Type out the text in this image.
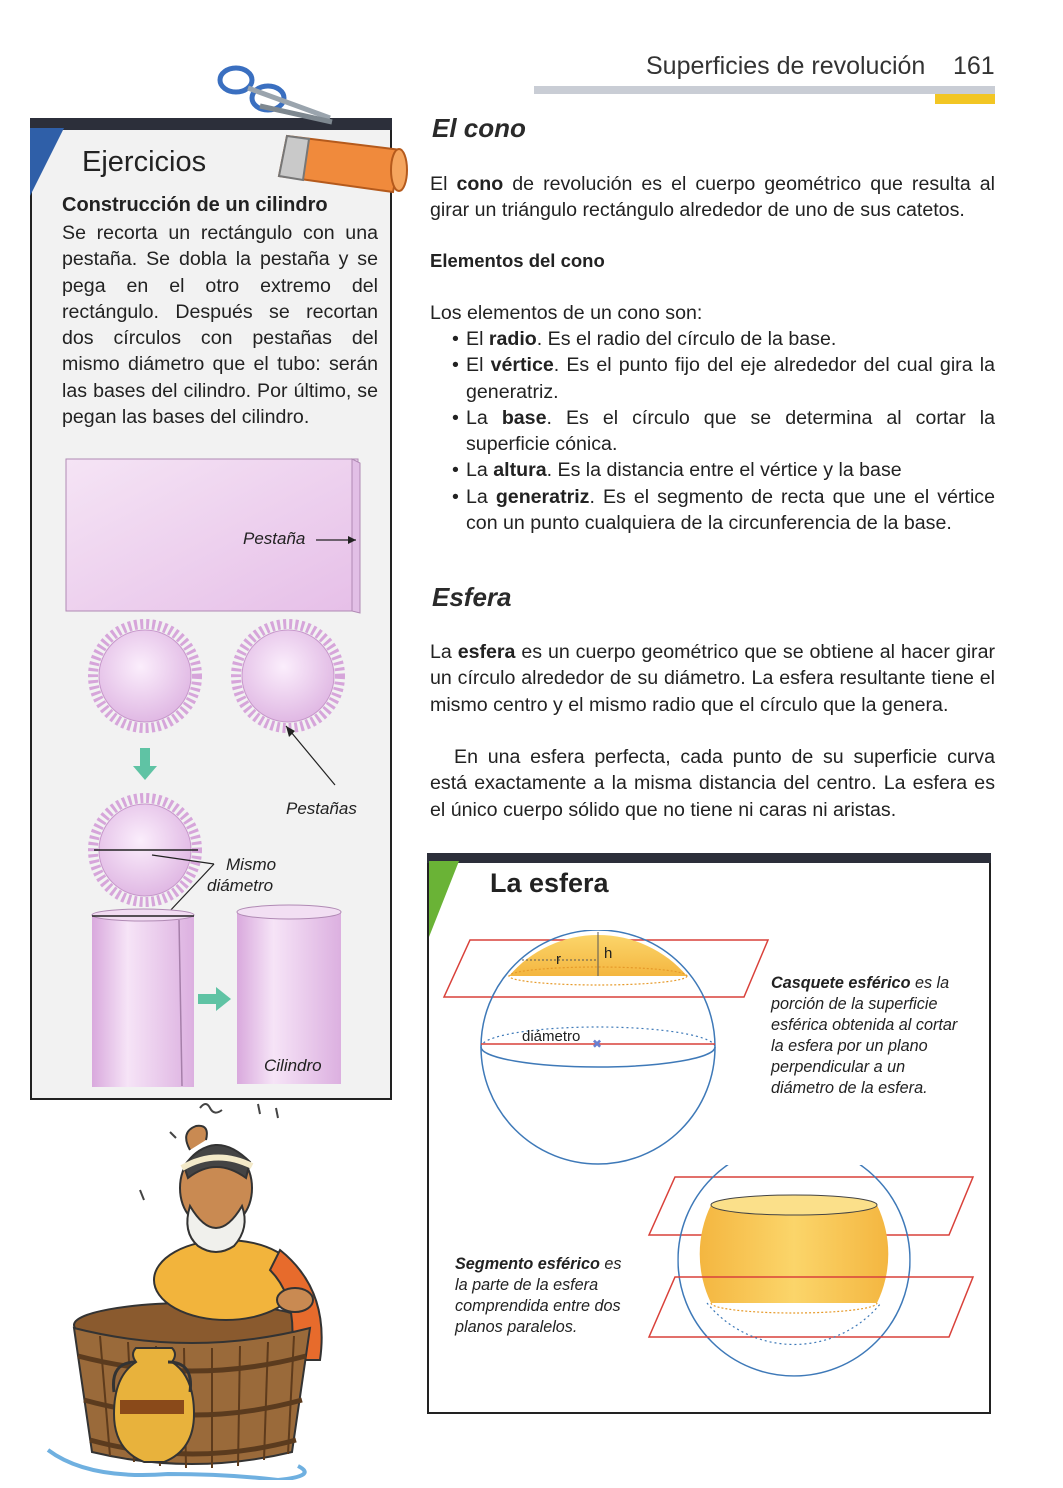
Superficies de revolución 161
Ejercicios
Construcción de un cilindro
Se recorta un rectángulo con una pestaña. Se dobla la pestaña y se pega en el otro extremo del rectángulo. Después se recortan dos círculos con pestañas del mismo diámetro que el tubo: serán las bases del cilindro. Por último, se pegan las bases del cilindro.
Pestaña
Pestañas
Mismo
diámetro
Cilindro
El cono
El cono de revolución es el cuerpo geométrico que resulta al girar un triángulo rectángulo alrededor de uno de sus catetos.
Elementos del cono
Los elementos de un cono son:
• El radio. Es el radio del círculo de la base.
• El vértice. Es el punto fijo del eje alrededor del cual gira la generatriz.
• La base. Es el círculo que se determina al cortar la superficie cónica.
• La altura. Es la distancia entre el vértice y la base
• La generatriz. Es el segmento de recta que une el vértice con un punto cualquiera de la circunferencia de la base.
Esfera
La esfera es un cuerpo geométrico que se obtiene al hacer girar un círculo alrededor de su diámetro. La esfera resultante tiene el mismo centro y el mismo radio que el círculo que la genera.
En una esfera perfecta, cada punto de su superficie curva está exactamente a la misma distancia del centro. La esfera es el único cuerpo sólido que no tiene ni caras ni aristas.
La esfera
✖
r	h
diámetro
Casquete esférico es la porción de la superficie esférica obtenida al cortar la esfera por un plano perpendicular a un diámetro de la esfera.
Segmento esférico es la parte de la esfera comprendida entre dos planos paralelos.
